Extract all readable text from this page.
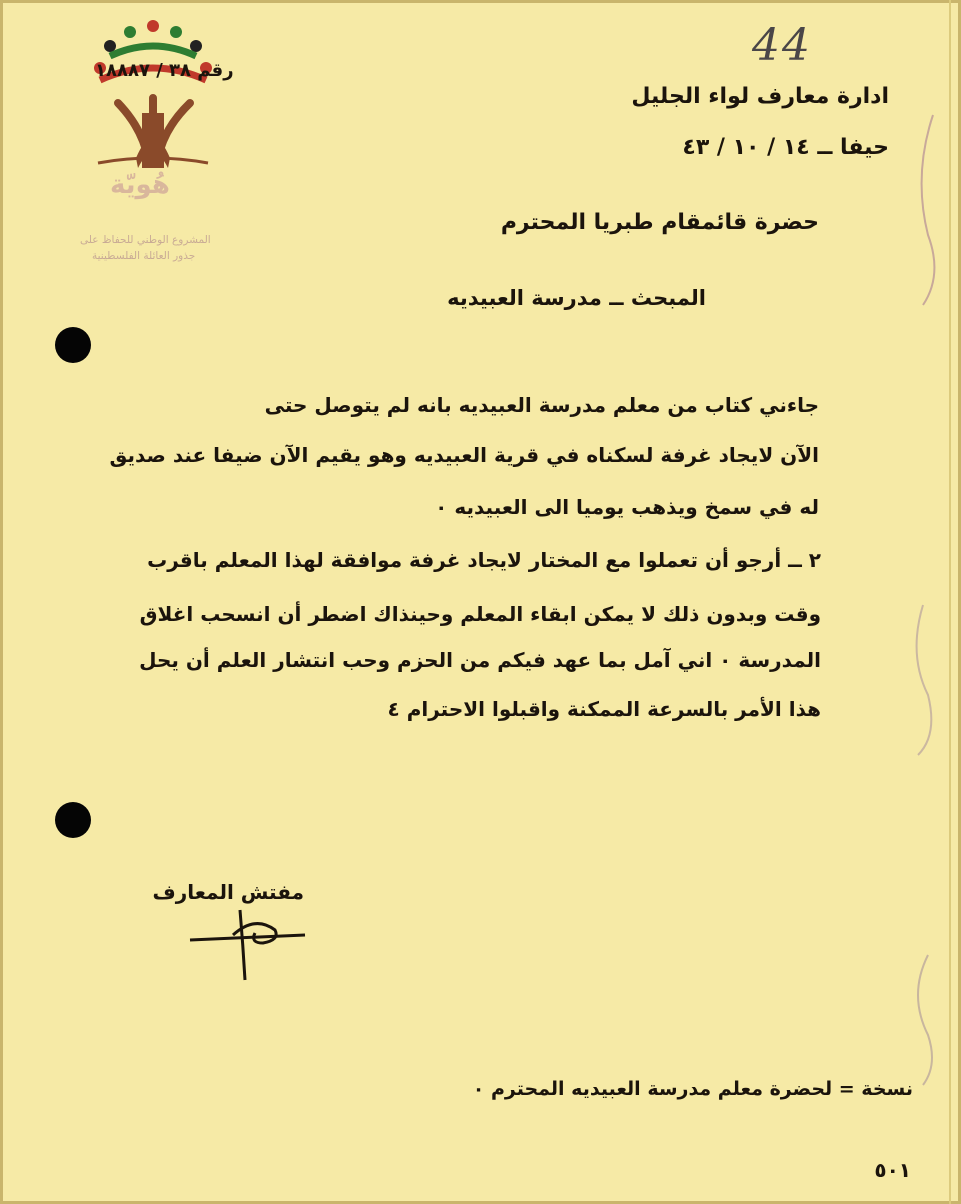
44
هُويّة
المشروع الوطني للحفاظ على
جذور العائلة الفلسطينية
رقم ٣٨ / ١٨٨٨٧
ادارة معارف لواء الجليل
حيفا ــ ١٤ / ١٠ / ٤٣
حضرة قائمقام طبريا المحترم
المبحث ــ مدرسة العبيديه
جاءني كتاب من معلم مدرسة العبيديه بانه لم يتوصل حتى
الآن لايجاد غرفة لسكناه في قرية العبيديه وهو يقيم الآن ضيفا عند صديق
له في سمخ ويذهب يوميا الى العبيديه ٠
٢ ــ أرجو أن تعملوا مع المختار لايجاد غرفة موافقة لهذا المعلم باقرب
وقت وبدون ذلك لا يمكن ابقاء المعلم وحينذاك اضطر أن انسحب اغلاق
المدرسة ٠ اني آمل بما عهد فيكم من الحزم وحب انتشار العلم أن يحل
هذا الأمر بالسرعة الممكنة واقبلوا الاحترام ٤
مفتش المعارف
نسخة = لحضرة معلم مدرسة العبيديه المحترم ٠
٥٠١
